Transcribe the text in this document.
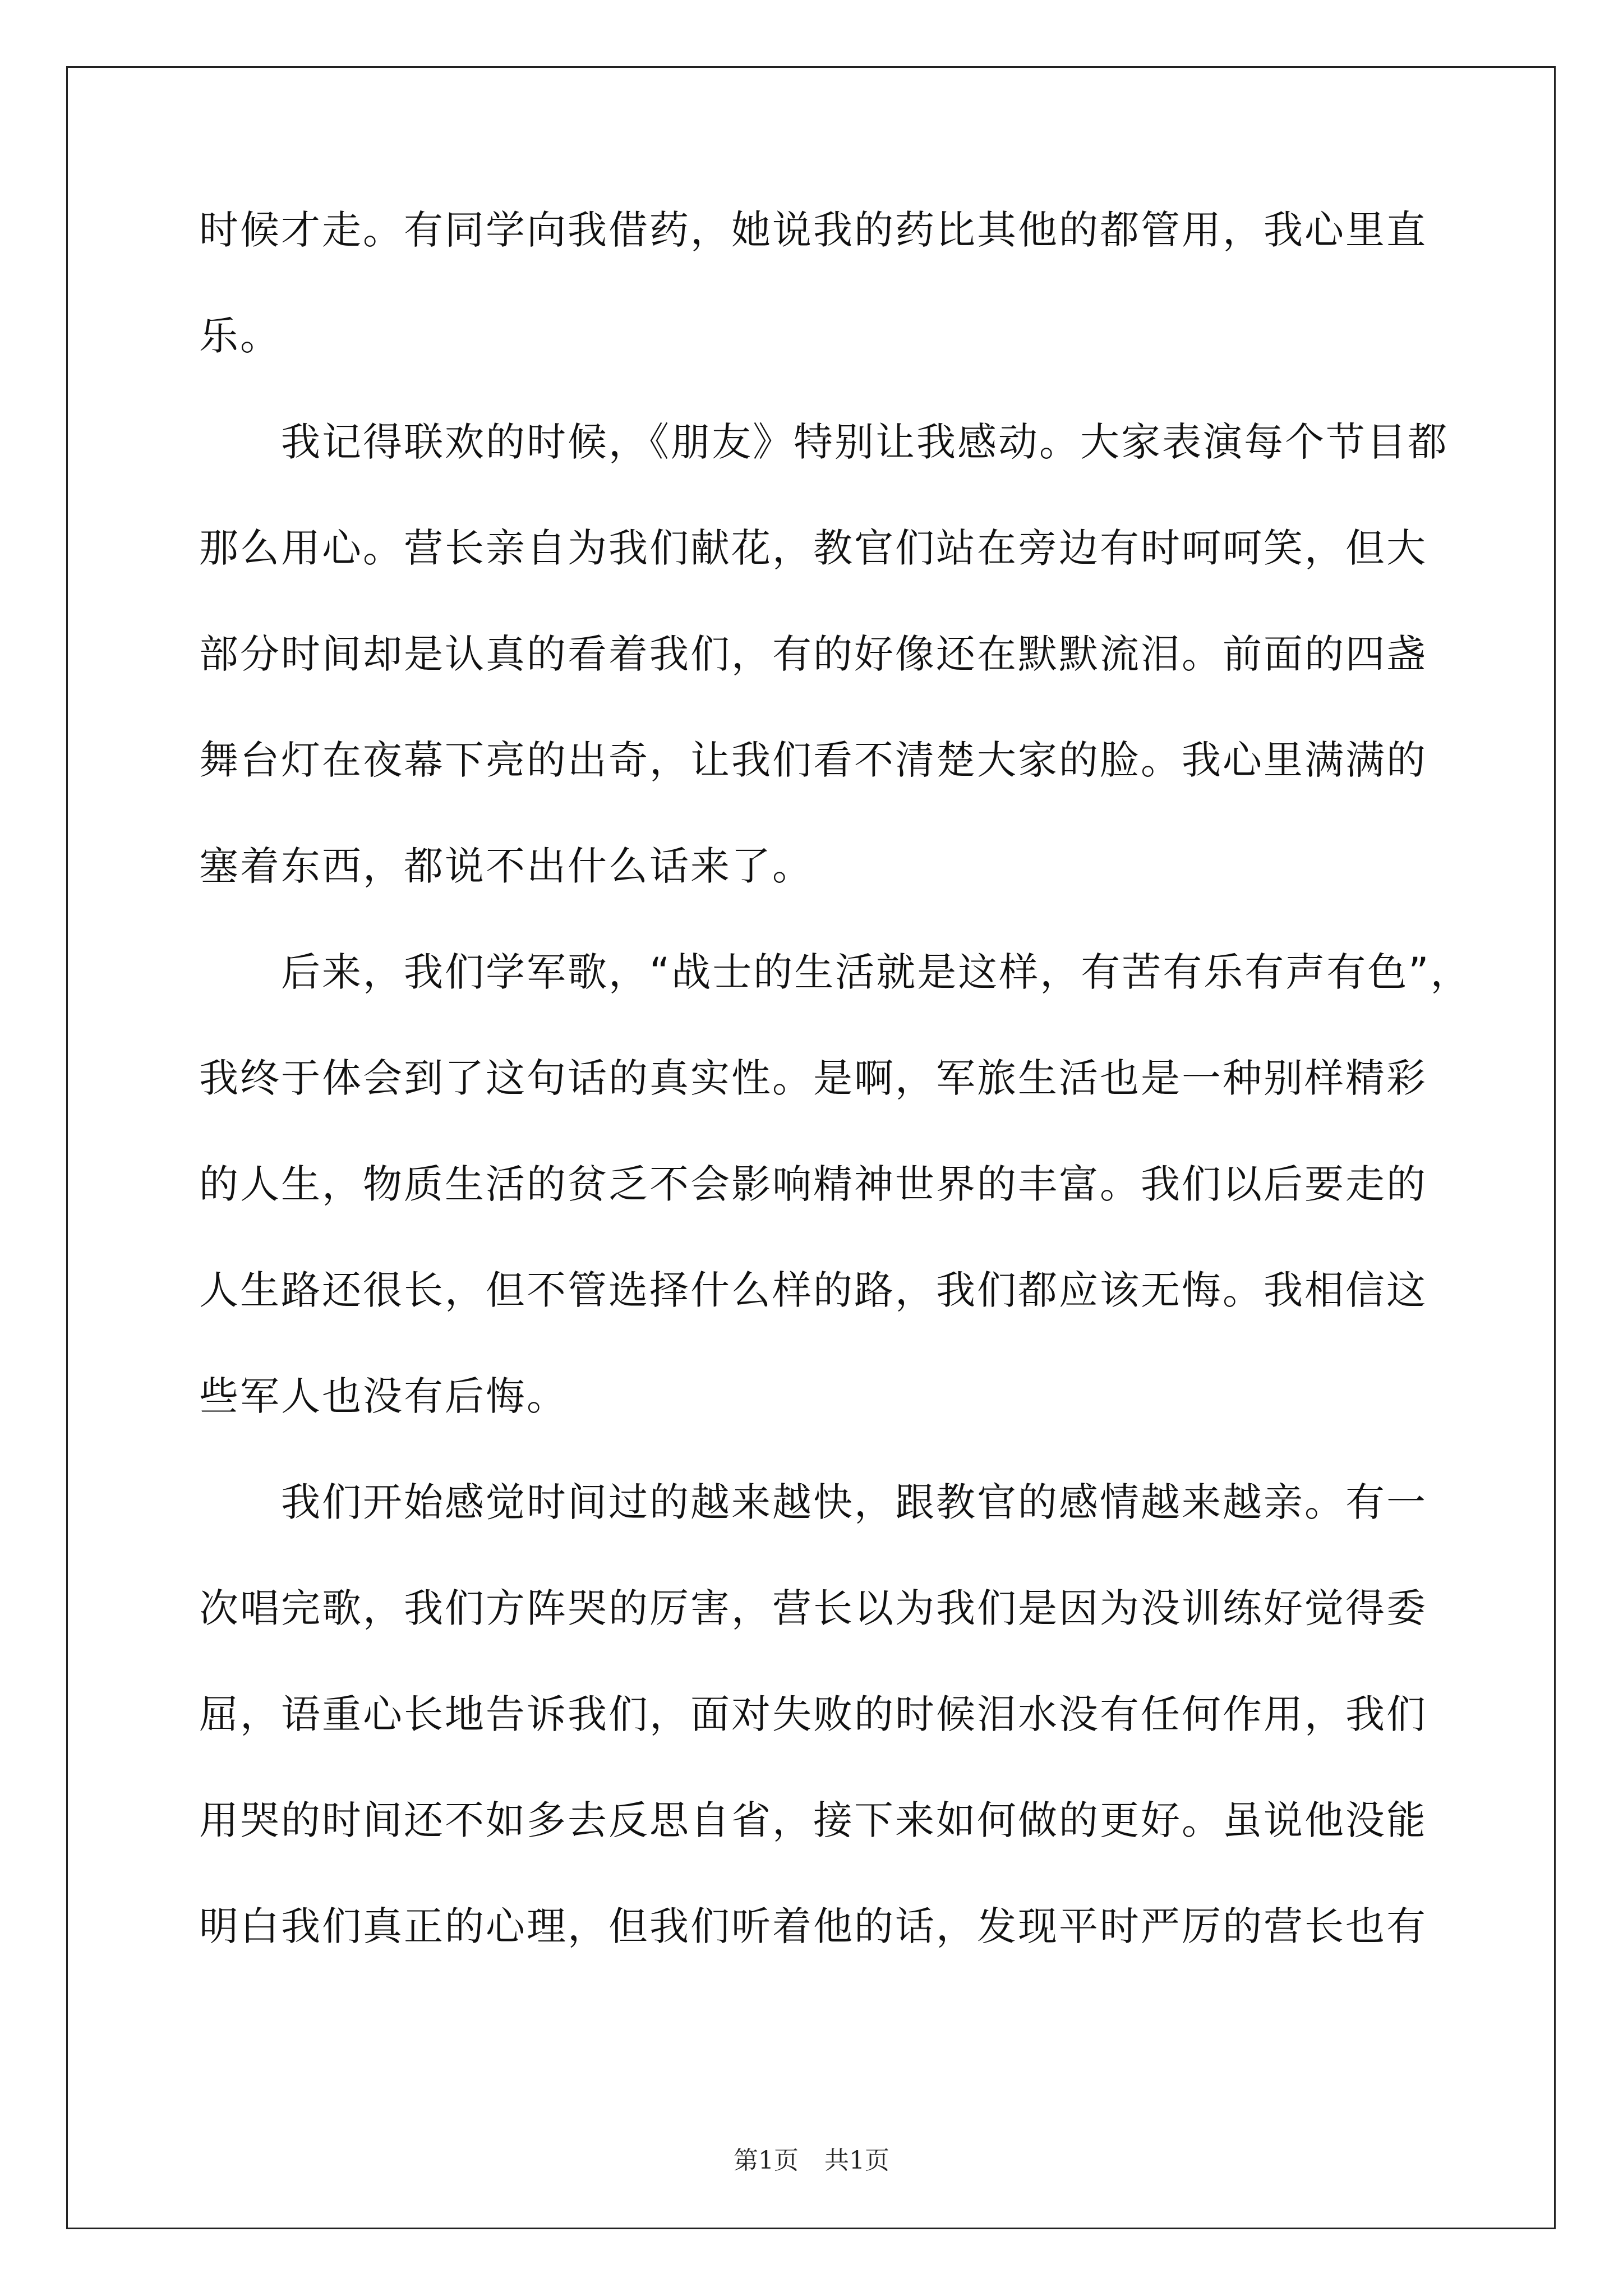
时候才走。有同学向我借药，她说我的药比其他的都管用，我心里直
乐。
我记得联欢的时候，《朋友》特别让我感动。大家表演每个节目都
那么用心。营长亲自为我们献花，教官们站在旁边有时呵呵笑，但大
部分时间却是认真的看着我们，有的好像还在默默流泪。前面的四盏
舞台灯在夜幕下亮的出奇，让我们看不清楚大家的脸。我心里满满的
塞着东西，都说不出什么话来了。
后来，我们学军歌，“战士的生活就是这样，有苦有乐有声有色”，
我终于体会到了这句话的真实性。是啊，军旅生活也是一种别样精彩
的人生，物质生活的贫乏不会影响精神世界的丰富。我们以后要走的
人生路还很长，但不管选择什么样的路，我们都应该无悔。我相信这
些军人也没有后悔。
我们开始感觉时间过的越来越快，跟教官的感情越来越亲。有一
次唱完歌，我们方阵哭的厉害，营长以为我们是因为没训练好觉得委
屈，语重心长地告诉我们，面对失败的时候泪水没有任何作用，我们
用哭的时间还不如多去反思自省，接下来如何做的更好。虽说他没能
明白我们真正的心理，但我们听着他的话，发现平时严厉的营长也有
第1页 共1页
